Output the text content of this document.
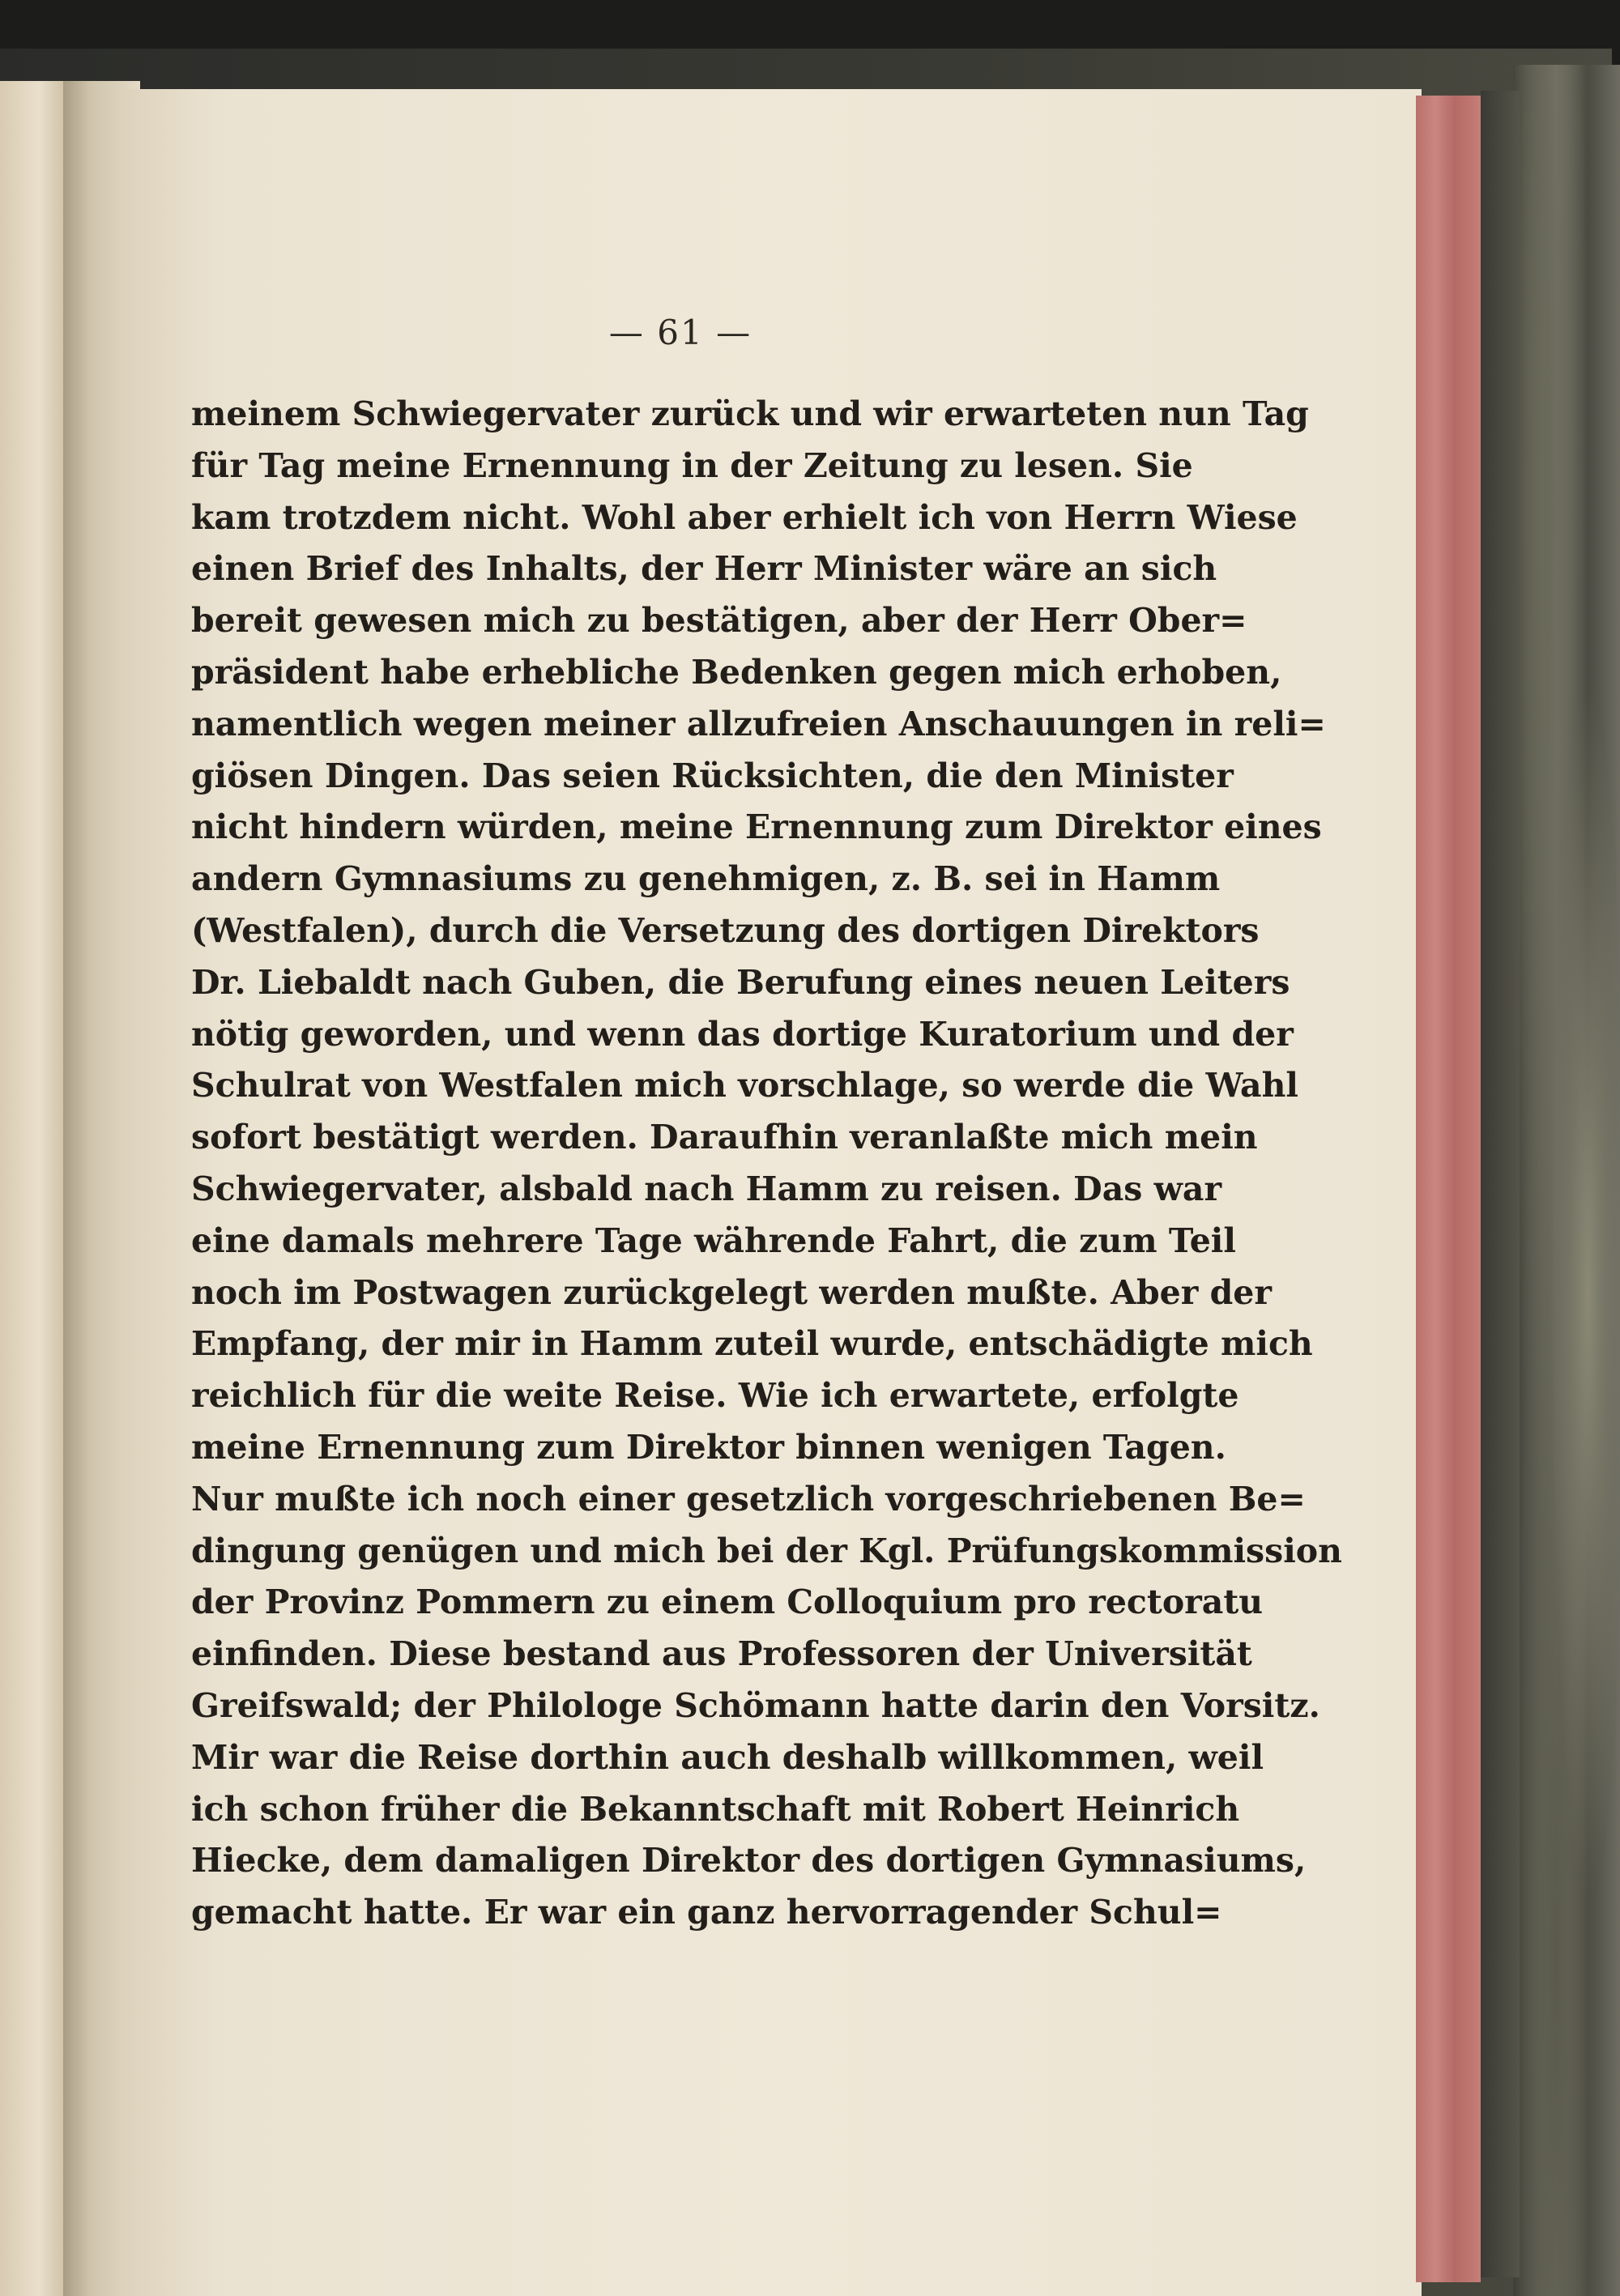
— 61 —
meinem Schwiegervater zurück und wir erwarteten nun Tag
für Tag meine Ernennung in der Zeitung zu lesen. Sie
kam trotzdem nicht. Wohl aber erhielt ich von Herrn Wiese
einen Brief des Inhalts, der Herr Minister wäre an sich
bereit gewesen mich zu bestätigen, aber der Herr Ober=
präsident habe erhebliche Bedenken gegen mich erhoben,
namentlich wegen meiner allzufreien Anschauungen in reli=
giösen Dingen. Das seien Rücksichten, die den Minister
nicht hindern würden, meine Ernennung zum Direktor eines
andern Gymnasiums zu genehmigen, z. B. sei in Hamm
(Westfalen), durch die Versetzung des dortigen Direktors
Dr. Liebaldt nach Guben, die Berufung eines neuen Leiters
nötig geworden, und wenn das dortige Kuratorium und der
Schulrat von Westfalen mich vorschlage, so werde die Wahl
sofort bestätigt werden. Daraufhin veranlaßte mich mein
Schwiegervater, alsbald nach Hamm zu reisen. Das war
eine damals mehrere Tage währende Fahrt, die zum Teil
noch im Postwagen zurückgelegt werden mußte. Aber der
Empfang, der mir in Hamm zuteil wurde, entschädigte mich
reichlich für die weite Reise. Wie ich erwartete, erfolgte
meine Ernennung zum Direktor binnen wenigen Tagen.
Nur mußte ich noch einer gesetzlich vorgeschriebenen Be=
dingung genügen und mich bei der Kgl. Prüfungskommission
der Provinz Pommern zu einem Colloquium pro rectoratu
einfinden. Diese bestand aus Professoren der Universität
Greifswald; der Philologe Schömann hatte darin den Vorsitz.
Mir war die Reise dorthin auch deshalb willkommen, weil
ich schon früher die Bekanntschaft mit Robert Heinrich
Hiecke, dem damaligen Direktor des dortigen Gymnasiums,
gemacht hatte. Er war ein ganz hervorragender Schul=
